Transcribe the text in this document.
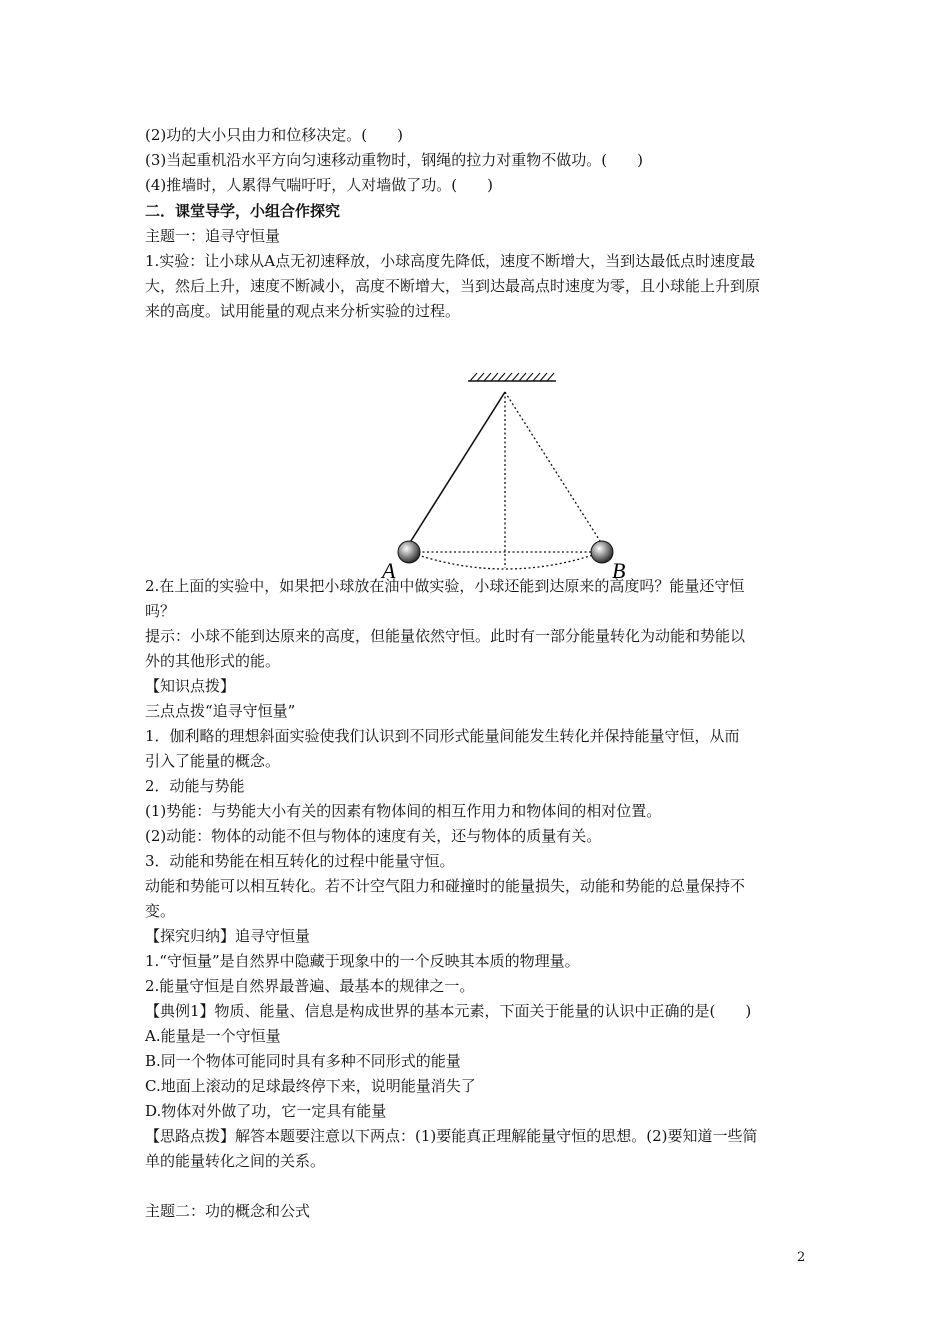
(2)功的大小只由力和位移决定。(　　)
(3)当起重机沿水平方向匀速移动重物时，钢绳的拉力对重物不做功。(　　)
(4)推墙时，人累得气喘吁吁，人对墙做了功。(　　)
二．课堂导学，小组合作探究
主题一：追寻守恒量
1.实验：让小球从A点无初速释放，小球高度先降低，速度不断增大，当到达最低点时速度最
大，然后上升，速度不断减小，高度不断增大，当到达最高点时速度为零，且小球能上升到原
来的高度。试用能量的观点来分析实验的过程。
A	B
2.在上面的实验中，如果把小球放在油中做实验，小球还能到达原来的高度吗？能量还守恒
吗？
提示：小球不能到达原来的高度，但能量依然守恒。此时有一部分能量转化为动能和势能以
外的其他形式的能。
【知识点拨】
三点点拨“追寻守恒量”
1．伽利略的理想斜面实验使我们认识到不同形式能量间能发生转化并保持能量守恒，从而
引入了能量的概念。
2．动能与势能
(1)势能：与势能大小有关的因素有物体间的相互作用力和物体间的相对位置。
(2)动能：物体的动能不但与物体的速度有关，还与物体的质量有关。
3．动能和势能在相互转化的过程中能量守恒。
动能和势能可以相互转化。若不计空气阻力和碰撞时的能量损失，动能和势能的总量保持不
变。
【探究归纳】追寻守恒量
1.“守恒量”是自然界中隐藏于现象中的一个反映其本质的物理量。
2.能量守恒是自然界最普遍、最基本的规律之一。
【典例1】物质、能量、信息是构成世界的基本元素，下面关于能量的认识中正确的是(　　)
A.能量是一个守恒量
B.同一个物体可能同时具有多种不同形式的能量
C.地面上滚动的足球最终停下来，说明能量消失了
D.物体对外做了功，它一定具有能量
【思路点拨】解答本题要注意以下两点：(1)要能真正理解能量守恒的思想。(2)要知道一些简
单的能量转化之间的关系。
主题二：功的概念和公式
2
